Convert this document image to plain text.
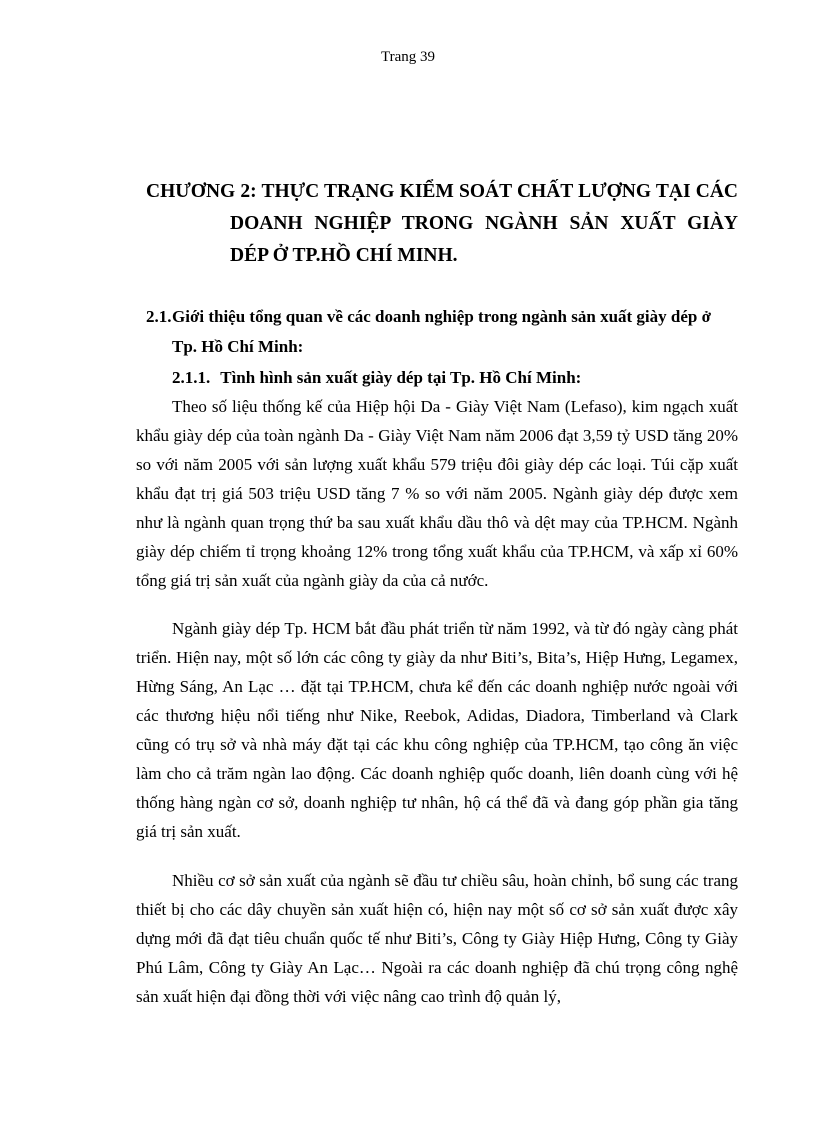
Trang 39
CHƯƠNG 2: THỰC TRẠNG KIỂM SOÁT CHẤT LƯỢNG TẠI CÁC
DOANH NGHIỆP TRONG NGÀNH SẢN XUẤT GIÀY
DÉP Ở TP.HỒ CHÍ MINH.
2.1.Giới thiệu tổng quan về các doanh nghiệp trong ngành sản xuất giày dép ở
Tp. Hồ Chí Minh:
2.1.1. Tình hình sản xuất giày dép tại Tp. Hồ Chí Minh:

Theo số liệu thống kế của Hiệp hội Da - Giày Việt Nam (Lefaso), kim ngạch xuất khẩu giày dép của toàn ngành Da - Giày Việt Nam năm 2006 đạt 3,59 tỷ USD tăng 20% so với năm 2005 với sản lượng xuất khẩu 579 triệu đôi giày dép các loại. Túi cặp xuất khẩu đạt trị giá 503 triệu USD tăng 7 % so với năm 2005. Ngành giày dép được xem như là ngành quan trọng thứ ba sau xuất khẩu dầu thô và dệt may của TP.HCM. Ngành giày dép chiếm tỉ trọng khoảng 12% trong tổng xuất khẩu của TP.HCM, và xấp xỉ 60% tổng giá trị sản xuất của ngành giày da của cả nước.

Ngành giày dép Tp. HCM bắt đầu phát triển từ năm 1992, và từ đó ngày càng phát triển. Hiện nay, một số lớn các công ty giày da như Biti’s, Bita’s, Hiệp Hưng, Legamex, Hừng Sáng, An Lạc … đặt tại TP.HCM, chưa kể đến các doanh nghiệp nước ngoài với các thương hiệu nổi tiếng như Nike, Reebok, Adidas, Diadora, Timberland và Clark cũng có trụ sở và nhà máy đặt tại các khu công nghiệp của TP.HCM, tạo công ăn việc làm cho cả trăm ngàn lao động. Các doanh nghiệp quốc doanh, liên doanh cùng với hệ thống hàng ngàn cơ sở, doanh nghiệp tư nhân, hộ cá thể đã và đang góp phần gia tăng giá trị sản xuất.

Nhiều cơ sở sản xuất của ngành sẽ đầu tư chiều sâu, hoàn chỉnh, bổ sung các trang thiết bị cho các dây chuyền sản xuất hiện có, hiện nay một số cơ sở sản xuất được xây dựng mới đã đạt tiêu chuẩn quốc tế như Biti’s, Công ty Giày Hiệp Hưng, Công ty Giày Phú Lâm, Công ty Giày An Lạc… Ngoài ra các doanh nghiệp đã chú trọng công nghệ sản xuất hiện đại đồng thời với việc nâng cao trình độ quản lý,
